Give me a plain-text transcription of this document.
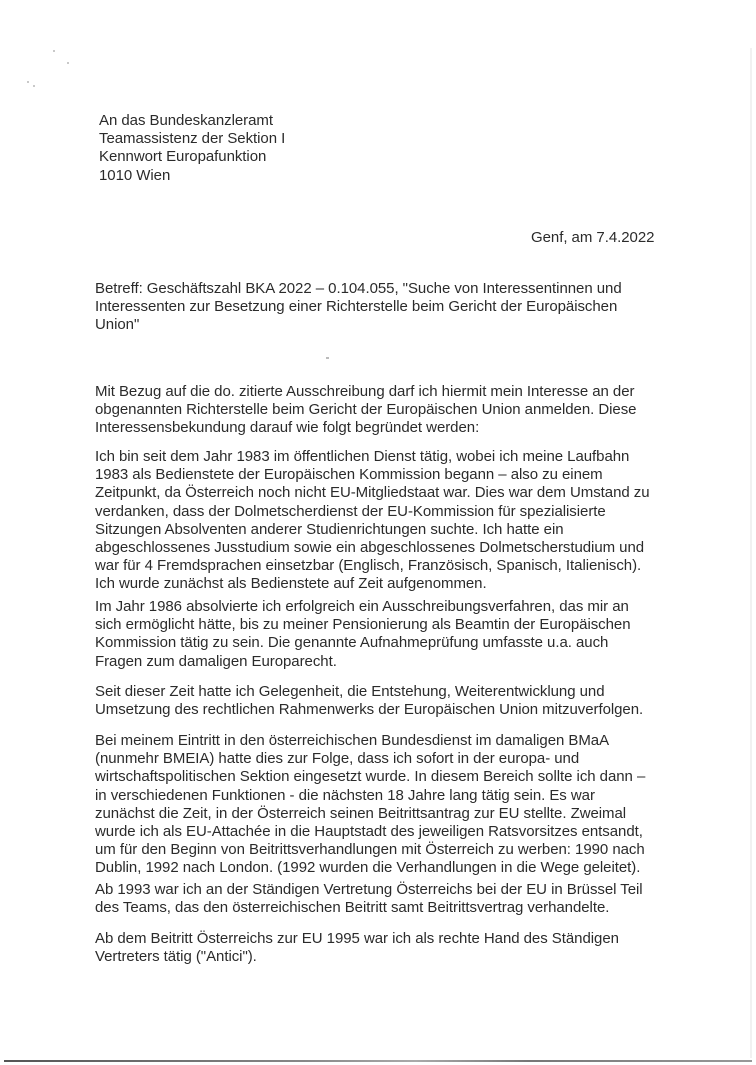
An das Bundeskanzleramt
Teamassistenz der Sektion I
Kennwort Europafunktion
1010 Wien
Genf, am 7.4.2022
Betreff: Geschäftszahl BKA 2022 – 0.104.055, "Suche von Interessentinnen und
Interessenten zur Besetzung einer Richterstelle beim Gericht der Europäischen
Union"
Mit Bezug auf die do. zitierte Ausschreibung darf ich hiermit mein Interesse an der
obgenannten Richterstelle beim Gericht der Europäischen Union anmelden. Diese
Interessensbekundung darauf wie folgt begründet werden:
Ich bin seit dem Jahr 1983 im öffentlichen Dienst tätig, wobei ich meine Laufbahn
1983 als Bedienstete der Europäischen Kommission begann – also zu einem
Zeitpunkt, da Österreich noch nicht EU-Mitgliedstaat war. Dies war dem Umstand zu
verdanken, dass der Dolmetscherdienst der EU-Kommission für spezialisierte
Sitzungen Absolventen anderer Studienrichtungen suchte. Ich hatte ein
abgeschlossenes Jusstudium sowie ein abgeschlossenes Dolmetscherstudium und
war für 4 Fremdsprachen einsetzbar (Englisch, Französisch, Spanisch, Italienisch).
Ich wurde zunächst als Bedienstete auf Zeit aufgenommen.
Im Jahr 1986 absolvierte ich erfolgreich ein Ausschreibungsverfahren, das mir an
sich ermöglicht hätte, bis zu meiner Pensionierung als Beamtin der Europäischen
Kommission tätig zu sein. Die genannte Aufnahmeprüfung umfasste u.a. auch
Fragen zum damaligen Europarecht.
Seit dieser Zeit hatte ich Gelegenheit, die Entstehung, Weiterentwicklung und
Umsetzung des rechtlichen Rahmenwerks der Europäischen Union mitzuverfolgen.
Bei meinem Eintritt in den österreichischen Bundesdienst im damaligen BMaA
(nunmehr BMEIA) hatte dies zur Folge, dass ich sofort in der europa- und
wirtschaftspolitischen Sektion eingesetzt wurde. In diesem Bereich sollte ich dann –
in verschiedenen Funktionen - die nächsten 18 Jahre lang tätig sein. Es war
zunächst die Zeit, in der Österreich seinen Beitrittsantrag zur EU stellte. Zweimal
wurde ich als EU-Attachée in die Hauptstadt des jeweiligen Ratsvorsitzes entsandt,
um für den Beginn von Beitrittsverhandlungen mit Österreich zu werben: 1990 nach
Dublin, 1992 nach London. (1992 wurden die Verhandlungen in die Wege geleitet).
Ab 1993 war ich an der Ständigen Vertretung Österreichs bei der EU in Brüssel Teil
des Teams, das den österreichischen Beitritt samt Beitrittsvertrag verhandelte.
Ab dem Beitritt Österreichs zur EU 1995 war ich als rechte Hand des Ständigen
Vertreters tätig ("Antici").
